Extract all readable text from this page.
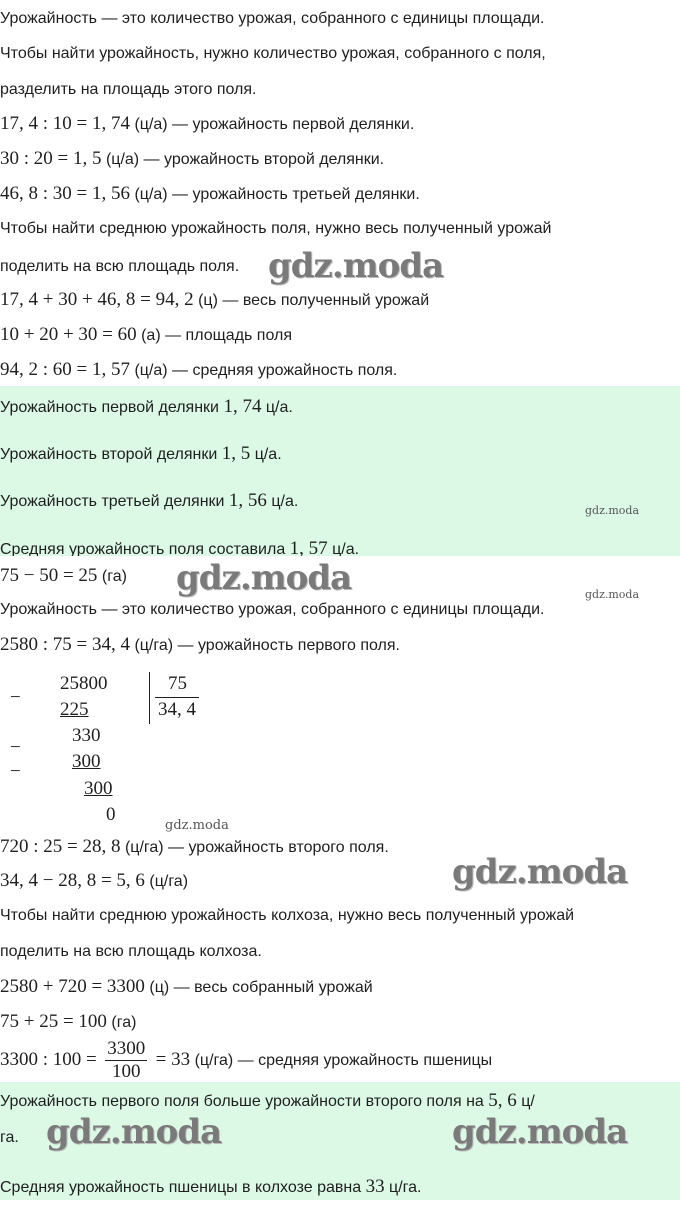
Урожайность — это количество урожая, собранного с единицы площади.
Чтобы найти урожайность, нужно количество урожая, собранного с поля,
разделить на площадь этого поля.
17, 4 : 10 = 1, 74 (ц/а) — урожайность первой делянки.
30 : 20 = 1, 5 (ц/а) — урожайность второй делянки.
46, 8 : 30 = 1, 56 (ц/а) — урожайность третьей делянки.
Чтобы найти среднюю урожайность поля, нужно весь полученный урожай
поделить на всю площадь поля. gdz.moda
17, 4 + 30 + 46, 8 = 94, 2 (ц) — весь полученный урожай
10 + 20 + 30 = 60 (а) — площадь поля
94, 2 : 60 = 1, 57 (ц/а) — средняя урожайность поля.
Урожайность первой делянки 1, 74 ц/а.
Урожайность второй делянки 1, 5 ц/а.
Урожайность третьей делянки 1, 56 ц/а.
gdz.moda
Средняя урожайность поля составила 1, 57 ц/а.
75 − 50 = 25 (га) gdz.moda	gdz.moda
Урожайность — это количество урожая, собранного с единицы площади.
2580 : 75 = 34, 4 (ц/га) — урожайность первого поля.
−
25800	75
225	34, 4
−
330
−	300
300
0
gdz.moda
720 : 25 = 28, 8 (ц/га) — урожайность второго поля.
34, 4 − 28, 8 = 5, 6 (ц/га)	gdz.moda
Чтобы найти среднюю урожайность колхоза, нужно весь полученный урожай
поделить на всю площадь колхоза.
2580 + 720 = 3300 (ц) — весь собранный урожай
75 + 25 = 100 (га)
3300 : $100 = \frac{3300}{100} = 33$ (ц/га) — средняя урожайность пшеницы
Урожайность первого поля больше урожайности второго поля на 5, 6 ц/
га. gdz.moda	gdz.moda
Средняя урожайность пшеницы в колхозе равна 33 ц/га.
